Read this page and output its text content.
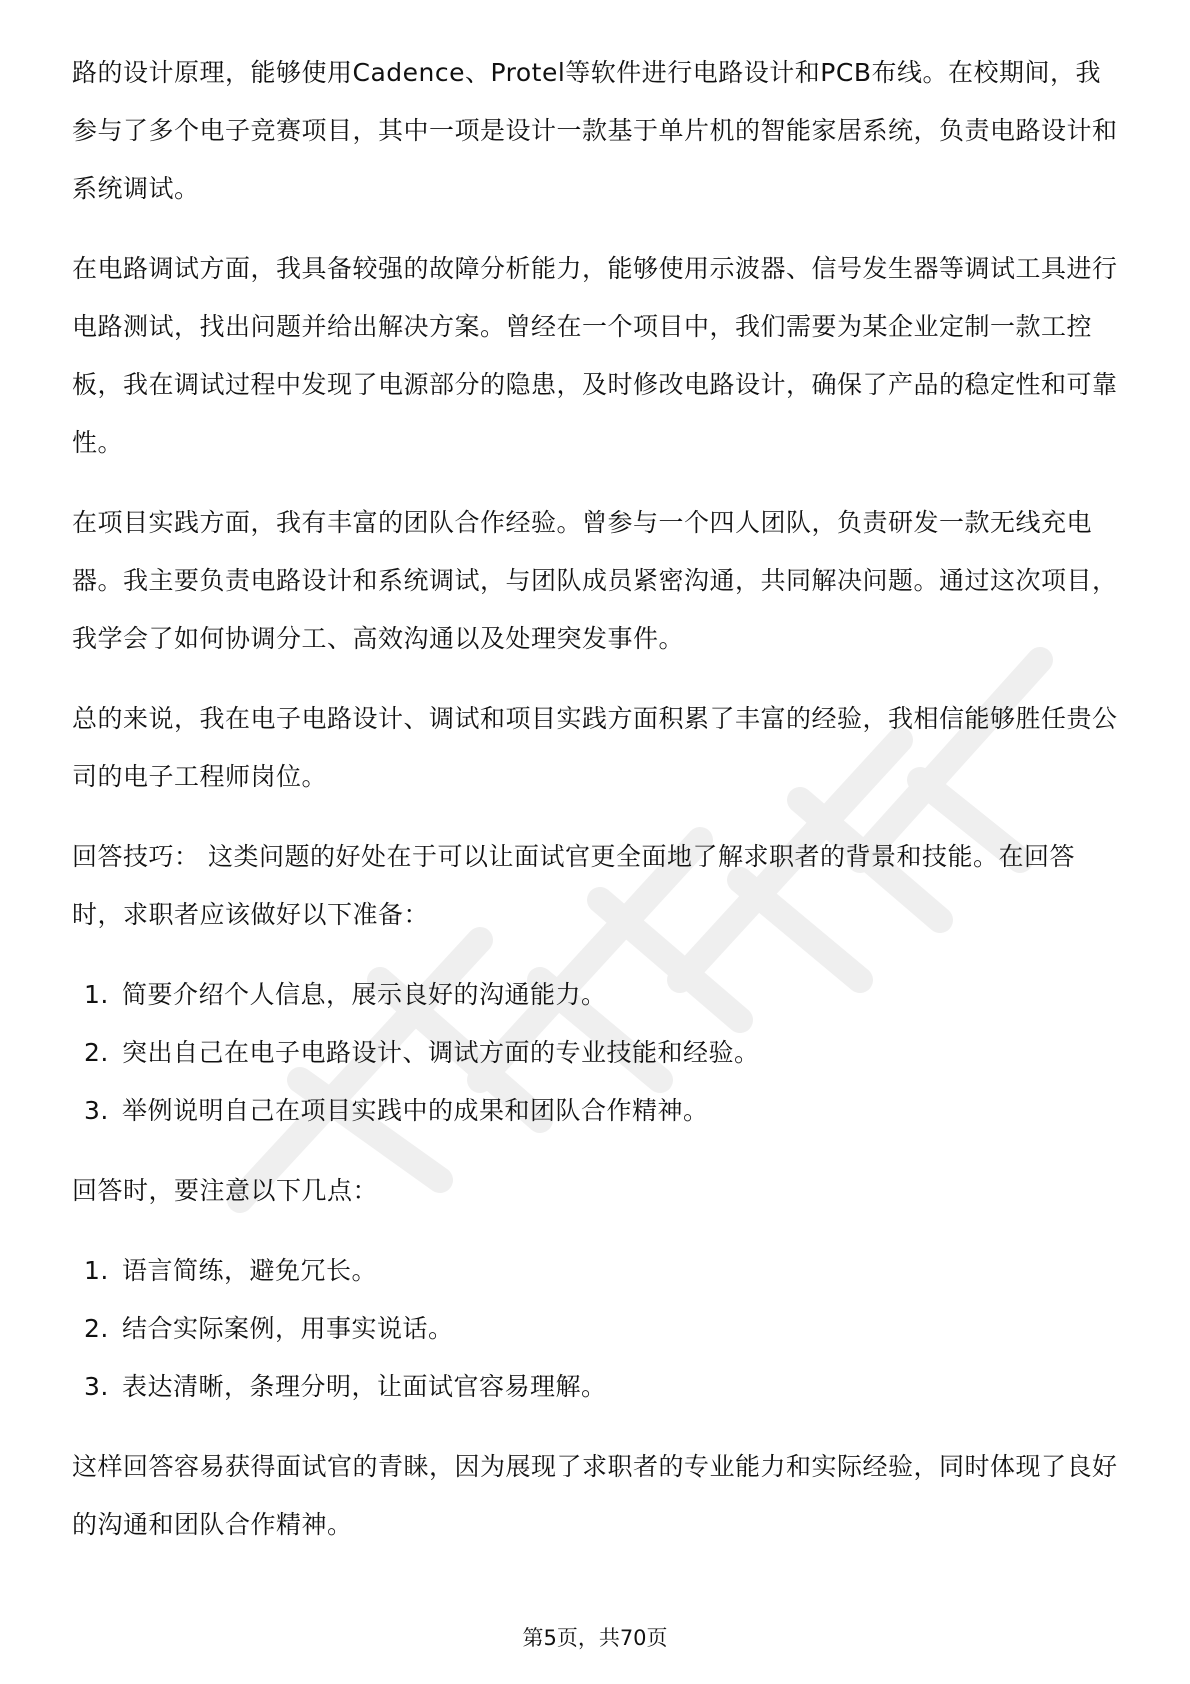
路的设计原理，能够使用Cadence、Protel等软件进行电路设计和PCB布线。在校期间，我参与了多个电子竞赛项目，其中一项是设计一款基于单片机的智能家居系统，负责电路设计和系统调试。

在电路调试方面，我具备较强的故障分析能力，能够使用示波器、信号发生器等调试工具进行电路测试，找出问题并给出解决方案。曾经在一个项目中，我们需要为某企业定制一款工控板，我在调试过程中发现了电源部分的隐患，及时修改电路设计，确保了产品的稳定性和可靠性。

在项目实践方面，我有丰富的团队合作经验。曾参与一个四人团队，负责研发一款无线充电器。我主要负责电路设计和系统调试，与团队成员紧密沟通，共同解决问题。通过这次项目，我学会了如何协调分工、高效沟通以及处理突发事件。

总的来说，我在电子电路设计、调试和项目实践方面积累了丰富的经验，我相信能够胜任贵公司的电子工程师岗位。

回答技巧： 这类问题的好处在于可以让面试官更全面地了解求职者的背景和技能。在回答时，求职者应该做好以下准备：

1. 简要介绍个人信息，展示良好的沟通能力。
2. 突出自己在电子电路设计、调试方面的专业技能和经验。
3. 举例说明自己在项目实践中的成果和团队合作精神。

回答时，要注意以下几点：

1. 语言简练，避免冗长。
2. 结合实际案例，用事实说话。
3. 表达清晰，条理分明，让面试官容易理解。

这样回答容易获得面试官的青睐，因为展现了求职者的专业能力和实际经验，同时体现了良好的沟通和团队合作精神。

第5页，共70页
